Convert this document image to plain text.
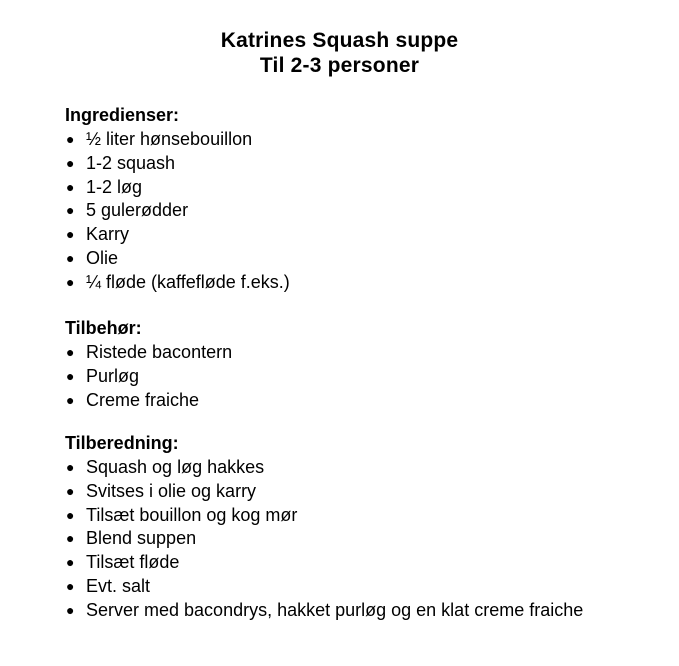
Katrines Squash suppe

Til 2-3 personer

Ingredienser:

● ½ liter hønsebouillon
● 1-2 squash
● 1-2 løg
● 5 gulerødder
● Karry
● Olie
● ¼ fløde (kaffefløde f.eks.)

Tilbehør:

● Ristede bacontern
● Purløg
● Creme fraiche

Tilberedning:

● Squash og løg hakkes
● Svitses i olie og karry
● Tilsæt bouillon og kog mør
● Blend suppen
● Tilsæt fløde
● Evt. salt
● Server med bacondrys, hakket purløg og en klat creme fraiche
